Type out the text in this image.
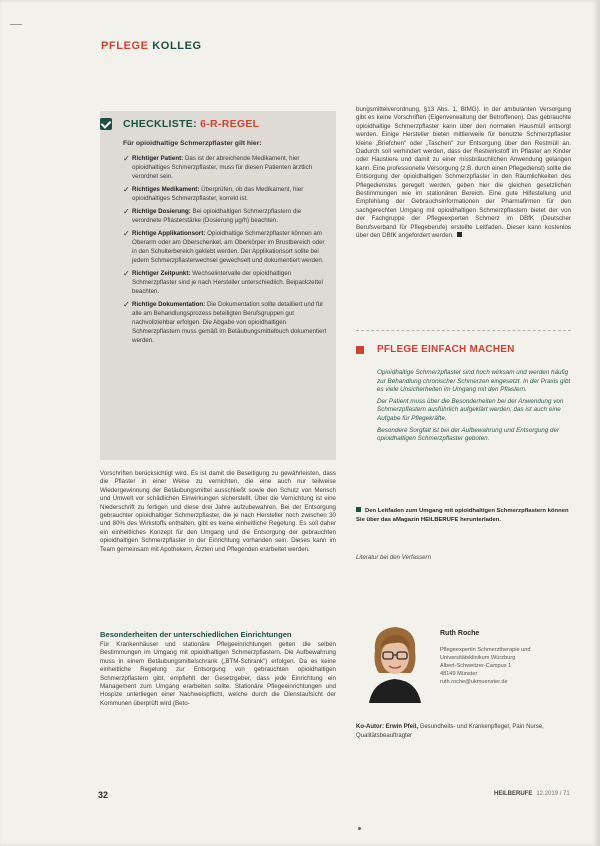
PFLEGE KOLLEG
CHECKLISTE: 6-R-REGEL
Für opioidhaltige Schmerzpflaster gilt hier:
✓ Richtiger Patient: Das ist der abreichende Medikament, hier opioidhaltiges Schmerzpflaster, muss für diesen Patienten ärztlich verordnet sein.
✓ Richtiges Medikament: Überprüfen, ob das Medikament, hier opioidhaltiges Schmerzpflaster, korrekt ist.
✓ Richtige Dosierung: Bei opioidhaltigen Schmerzpflastern die verordnete Pflasterstärke (Dosierung µg/h) beachten.
✓ Richtige Applikationsort: Opioidhaltige Schmerzpflaster können am Oberarm oder am Oberschenkel, am Oberkörper im Brustbereich oder in den Schulterbereich geklebt werden. Der Applikationsort sollte bei jedem Schmerzpflasterwechsel gewechselt und dokumentiert werden.
✓ Richtiger Zeitpunkt: Wechselintervalle der opioidhaltigen Schmerzpflaster sind je nach Hersteller unterschiedlich. Beipackzettel beachten.
✓ Richtige Dokumentation: Die Dokumentation sollte detailliert und für alle am Behandlungsprozess beteiligten Berufsgruppen gut nachvollziehbar erfolgen. Die Abgabe von opioidhaltigen Schmerzpflastern muss gemäß im Betäubungsmittelbuch dokumentiert werden.
Vorschriften berücksichtigt wird. Es ist damit die Beseitigung zu gewährleisten, dass die Pflaster in einer Weise zu vernichten, die eine auch nur teilweise Wiedergewinnung der Betäubungsmittel ausschließt sowie den Schutz von Mensch und Umwelt vor schädlichen Einwirkungen sicherstellt. Über die Vernichtung ist eine Niederschrift zu fertigen und diese drei Jahre aufzubewahren. Bei der Entsorgung gebrauchter opioidhaltiger Schmerzpflaster, die je nach Hersteller noch zwischen 30 und 80% des Wirkstoffs enthalten, gibt es keine einheitliche Regelung. Es soll daher ein einheitliches Konzept für den Umgang und die Entsorgung der gebrauchten opioidhaltigen Schmerzpflaster in der Einrichtung vorhanden sein. Dieses kann im Team gemeinsam mit Apothekern, Ärzten und Pflegenden erarbeitet werden.
Besonderheiten der unterschiedlichen Einrichtungen
Für Krankenhäuser und stationäre Pflegeeinrichtungen gelten die selben Bestimmungen im Umgang mit opioidhaltigen Schmerzpflastern. Die Aufbewahrung muss in einem Betäubungsmittelschrank („BTM-Schrank") erfolgen. Da es keine einheitliche Regelung zur Entsorgung von gebrauchten opioidhaltigen Schmerzpflastern gibt, empfiehlt der Gesetzgeber, dass jede Einrichtung ein Management zum Umgang erarbeiten sollte. Stationäre Pflegeeinrichtungen und Hospize unterliegen einer Nachweispflicht, welche durch die Dienstaufsicht der Kommunen überprüft wird (Beto-
32
bungsmittelverordnung, §13 Abs. 1, BtMG). In der ambulanten Versorgung gibt es keine Vorschriften (Eigenverwaltung der Betroffenen). Das gebrauchte opioidhaltige Schmerzpflaster kann über den normalen Hausmüll entsorgt werden. Einige Hersteller bieten mittlerweile für benutzte Schmerzpflaster kleine „Briefchen" oder „Taschen" zur Entsorgung über den Restmüll an. Dadurch soll verhindert werden, dass der Restwirkstoff im Pflaster an Kinder oder Haustiere und damit zu einer missbräuchlichen Anwendung gelangen kann. Eine professionelle Versorgung (z.B. durch einen Pflegedienst) sollte die Entsorgung der opioidhaltigen Schmerzpflaster in den Räumlichkeiten des Pflegedienstes geregelt werden, geben hier die gleichen gesetzlichen Bestimmungen wie im stationären Bereich. Eine gute Hilfestellung und Empfehlung der Gebrauchsinformationen der Pharmafirmen für den sachgerechten Umgang mit opioidhaltigen Schmerzpflastern bietet der von der Fachgruppe der Pflegeexperten Schmerz im DBfK (Deutscher Berufsverband für Pflegeberufe) erstellte Leitfaden. Dieser kann kostenlos über den DBfK angefordert werden.
PFLEGE EINFACH MACHEN

Opioidhaltige Schmerzpflaster sind hoch wirksam und werden häufig zur Behandlung chronischer Schmerzen eingesetzt. In der Praxis gibt es viele Unsicherheiten im Umgang mit den Pflastern.

Der Patient muss über die Besonderheiten bei der Anwendung von Schmerzpflastern ausführlich aufgeklärt werden; das ist auch eine Aufgabe für Pflegekräfte.

Besondere Sorgfalt ist bei der Aufbewahrung und Entsorgung der opioidhaltigen Schmerzpflaster geboten.

Den Leitfaden zum Umgang mit opioidhaltigen Schmerzpflastern können Sie über das aMagazin HEILBERUFE herunterladen.
Literatur bei den Verfassern
Ruth Roche
Pflegeexpertin Schmerztherapie und
Universitätsklinikum Würzburg
Albert-Schweitzer-Campus 1
48149 Münster
ruth.roche@ukmuenster.de
Ko-Autor: Erwin Pfeil, Gesundheits- und Krankenpfleger, Pain Nurse, Qualitätsbeauftragter
HEILBERUFE 12.2019 / 71
